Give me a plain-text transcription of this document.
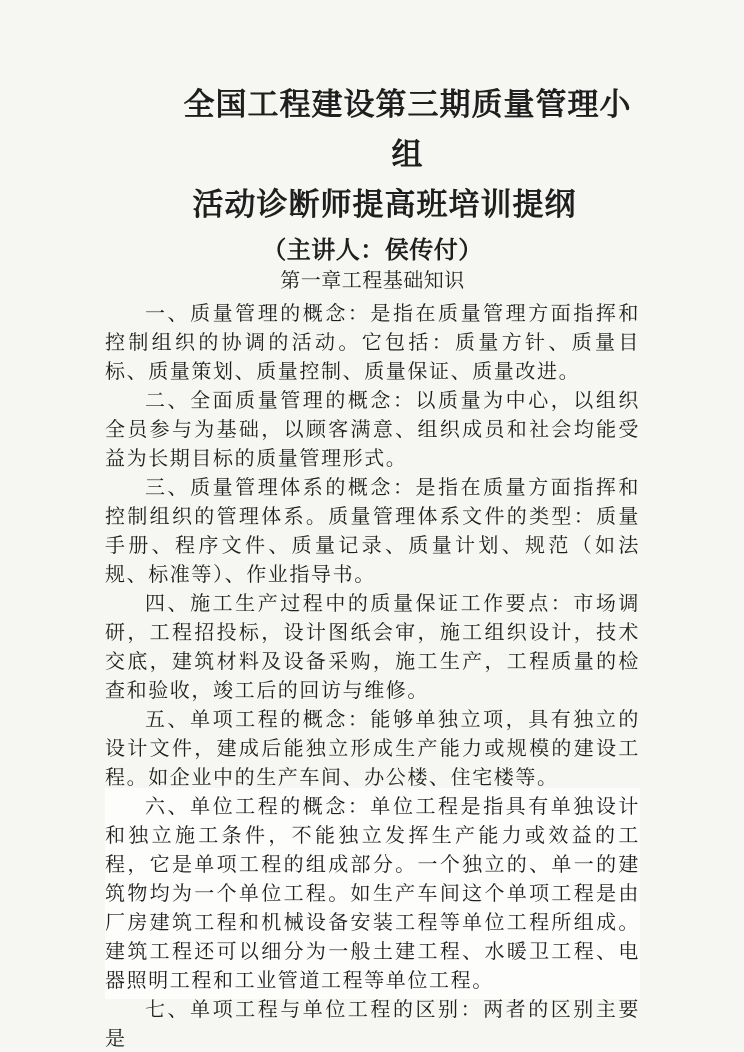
全国工程建设第三期质量管理小组
活动诊断师提高班培训提纲
（主讲人：侯传付）
第一章工程基础知识

一、质量管理的概念：是指在质量管理方面指挥和控制组织的协调的活动。它包括：质量方针、质量目标、质量策划、质量控制、质量保证、质量改进。

二、全面质量管理的概念：以质量为中心，以组织全员参与为基础，以顾客满意、组织成员和社会均能受益为长期目标的质量管理形式。

三、质量管理体系的概念：是指在质量方面指挥和控制组织的管理体系。质量管理体系文件的类型：质量手册、程序文件、质量记录、质量计划、规范（如法规、标准等）、作业指导书。

四、施工生产过程中的质量保证工作要点：市场调研，工程招投标，设计图纸会审，施工组织设计，技术交底，建筑材料及设备采购，施工生产，工程质量的检查和验收，竣工后的回访与维修。

五、单项工程的概念：能够单独立项，具有独立的设计文件，建成后能独立形成生产能力或规模的建设工程。如企业中的生产车间、办公楼、住宅楼等。

六、单位工程的概念：单位工程是指具有单独设计和独立施工条件，不能独立发挥生产能力或效益的工程，它是单项工程的组成部分。一个独立的、单一的建筑物均为一个单位工程。如生产车间这个单项工程是由厂房建筑工程和机械设备安装工程等单位工程所组成。建筑工程还可以细分为一般土建工程、水暖卫工程、电器照明工程和工业管道工程等单位工程。

七、单项工程与单位工程的区别：两者的区别主要是
